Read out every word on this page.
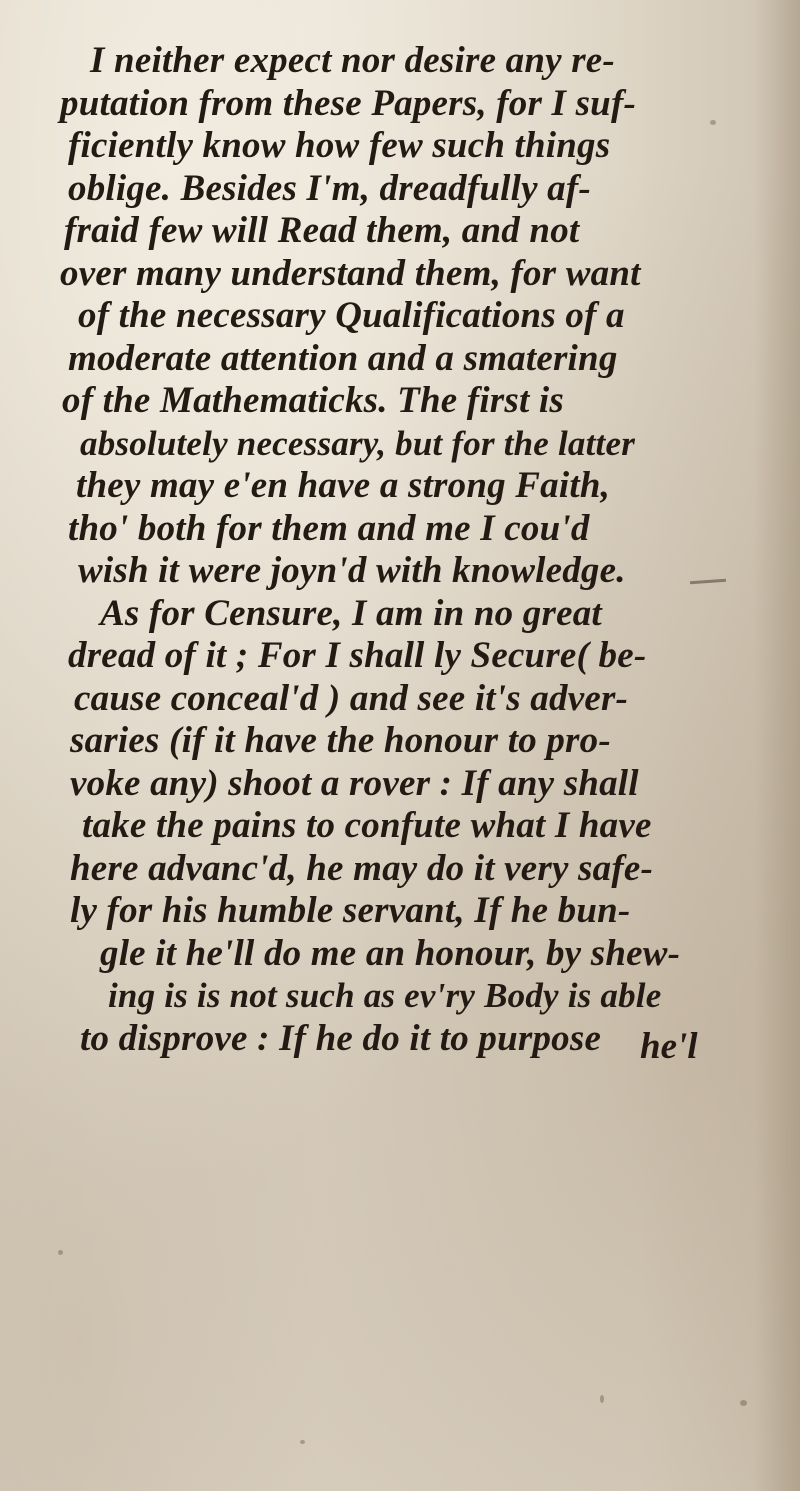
I neither expect nor desire any re-
putation from these Papers, for I suf-
ficiently know how few such things
oblige. Besides I'm, dreadfully af-
fraid few will Read them, and not
over many understand them, for want
of the necessary Qualifications of a
moderate attention and a smatering
of the Mathematicks. The first is
absolutely necessary, but for the latter
they may e'en have a strong Faith,
tho' both for them and me I cou'd
wish it were joyn'd with knowledge.
As for Censure, I am in no great
dread of it ; For I shall ly Secure( be-
cause conceal'd ) and see it's adver-
saries (if it have the honour to pro-
voke any) shoot a rover : If any shall
take the pains to confute what I have
here advanc'd, he may do it very safe-
ly for his humble servant, If he bun-
gle it he'll do me an honour, by shew-
ing is is not such as ev'ry Body is able
to disprove : If he do it to purpose	he'l
